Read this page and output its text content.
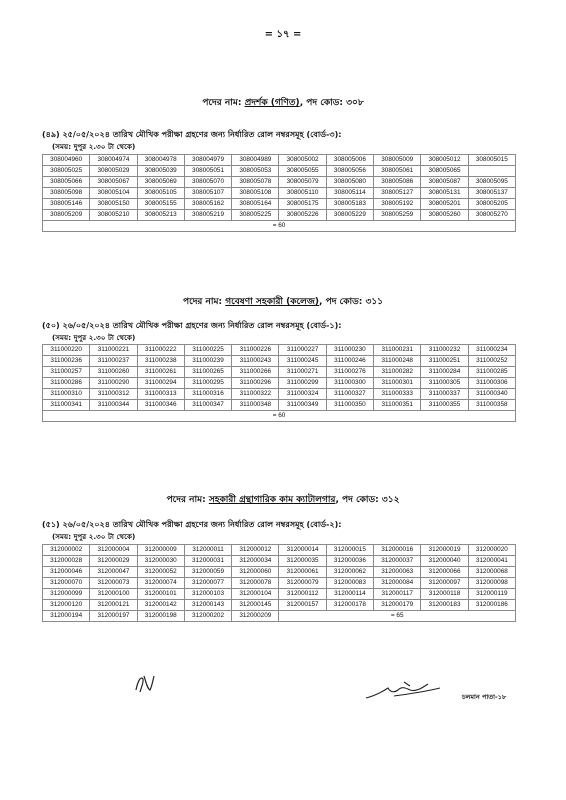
= ১৭ =
পদের নাম: প্রদর্শক (গণিত), পদ কোড: ৩০৮
(৪৯) ২৫/০৫/২০২৪ তারিখ মৌখিক পরীক্ষা গ্রহণের জন্য নির্ধারিত রোল নম্বরসমূহ (বোর্ড-৩):
(সময়: দুপুর ২.৩০ টা থেকে)
308004960	308004974	308004978	308004979	308004989	308005002	308005006	308005009	308005012	308005015
308005025	308005029	308005039	308005051	308005053	308005055	308005056	308005061	308005065	
308005066	308005067	308005069	308005070	308005078	308005079	308005080	308005086	308005087	308005095
308005098	308005104	308005105	308005107	308005108	308005110	308005114	308005127	308005131	308005137
308005146	308005150	308005155	308005162	308005164	308005175	308005183	308005192	308005201	308005205
308005209	308005210	308005213	308005219	308005225	308005226	308005229	308005259	308005260	308005270
= 60									
পদের নাম: গবেষণা সহকারী (কলেজ), পদ কোড: ৩১১
(৫০) ২৬/০৫/২০২৪ তারিখ মৌখিক পরীক্ষা গ্রহণের জন্য নির্ধারিত রোল নম্বরসমূহ (বোর্ড-১):
(সময়: দুপুর ২.৩০ টা থেকে)
311000220	311000221	311000222	311000225	311000226	311000227	311000230	311000231	311000232	311000234
311000236	311000237	311000238	311000239	311000243	311000245	311000246	311000248	311000251	311000252
311000257	311000260	311000261	311000265	311000266	311000271	311000276	311000282	311000284	311000285
311000286	311000290	311000294	311000295	311000296	311000299	311000300	311000301	311000305	311000306
311000310	311000312	311000313	311000316	311000322	311000324	311000327	311000333	311000337	311000340
311000341	311000344	311000346	311000347	311000348	311000349	311000350	311000351	311000355	311000358
= 60									
পদের নাম: সহকারী গ্রন্থাগারিক কাম ক্যাটালগার, পদ কোড: ৩১২
(৫১) ২৬/০৫/২০২৪ তারিখ মৌখিক পরীক্ষা গ্রহণের জন্য নির্ধারিত রোল নম্বরসমূহ (বোর্ড-২):
(সময়: দুপুর ২.৩০ টা থেকে)
312000002	312000004	312000009	312000011	312000012	312000014	312000015	312000016	312000019	312000020
312000028	312000029	312000030	312000031	312000034	312000035	312000036	312000037	312000040	312000041
312000046	312000047	312000052	312000059	312000060	312000061	312000062	312000063	312000066	312000068
312000070	312000073	312000074	312000077	312000078	312000079	312000083	312000084	312000097	312000098
312000099	312000100	312000101	312000103	312000104	312000112	312000114	312000117	312000118	312000119
312000120	312000121	312000142	312000143	312000145	312000157	312000178	312000179	312000183	312000186
312000194	312000197	312000198	312000202	312000209	= 65				
চলমান পাতা-১৮
